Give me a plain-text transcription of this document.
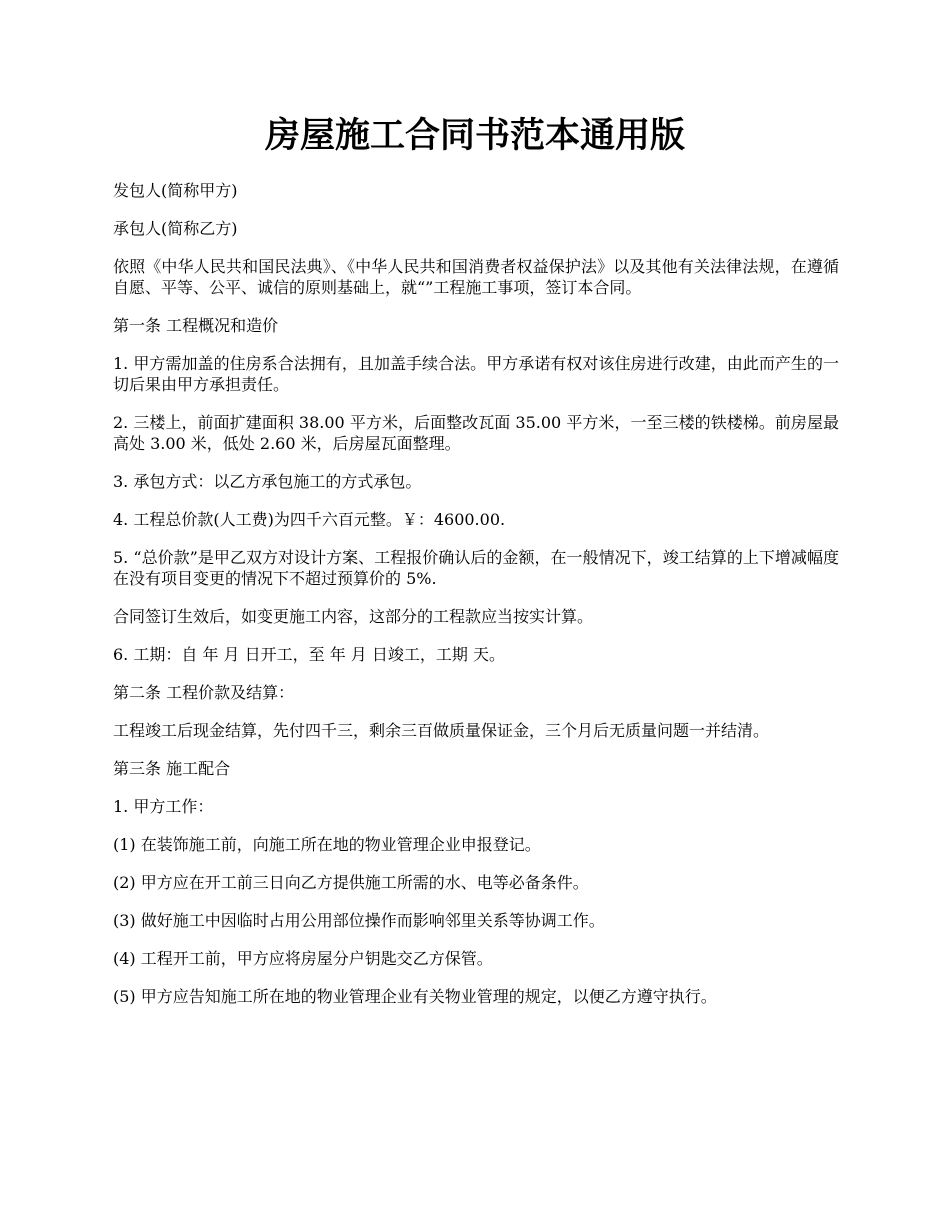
房屋施工合同书范本通用版

发包人(简称甲方)

承包人(简称乙方)

依照《中华人民共和国民法典》、《中华人民共和国消费者权益保护法》以及其他有关法律法规，在遵循自愿、平等、公平、诚信的原则基础上，就“”工程施工事项，签订本合同。

第一条 工程概况和造价

1. 甲方需加盖的住房系合法拥有，且加盖手续合法。甲方承诺有权对该住房进行改建，由此而产生的一切后果由甲方承担责任。

2. 三楼上，前面扩建面积 38.00 平方米，后面整改瓦面 35.00 平方米，一至三楼的铁楼梯。前房屋最高处 3.00 米，低处 2.60 米，后房屋瓦面整理。

3. 承包方式：以乙方承包施工的方式承包。

4. 工程总价款(人工费)为四千六百元整。￥：4600.00.

5. “总价款”是甲乙双方对设计方案、工程报价确认后的金额，在一般情况下，竣工结算的上下增减幅度在没有项目变更的情况下不超过预算价的 5%.

合同签订生效后，如变更施工内容，这部分的工程款应当按实计算。

6. 工期：自 年 月 日开工，至 年 月 日竣工，工期 天。

第二条 工程价款及结算：

工程竣工后现金结算，先付四千三，剩余三百做质量保证金，三个月后无质量问题一并结清。

第三条 施工配合

1. 甲方工作：

(1) 在装饰施工前，向施工所在地的物业管理企业申报登记。

(2) 甲方应在开工前三日向乙方提供施工所需的水、电等必备条件。

(3) 做好施工中因临时占用公用部位操作而影响邻里关系等协调工作。

(4) 工程开工前，甲方应将房屋分户钥匙交乙方保管。

(5) 甲方应告知施工所在地的物业管理企业有关物业管理的规定，以便乙方遵守执行。
